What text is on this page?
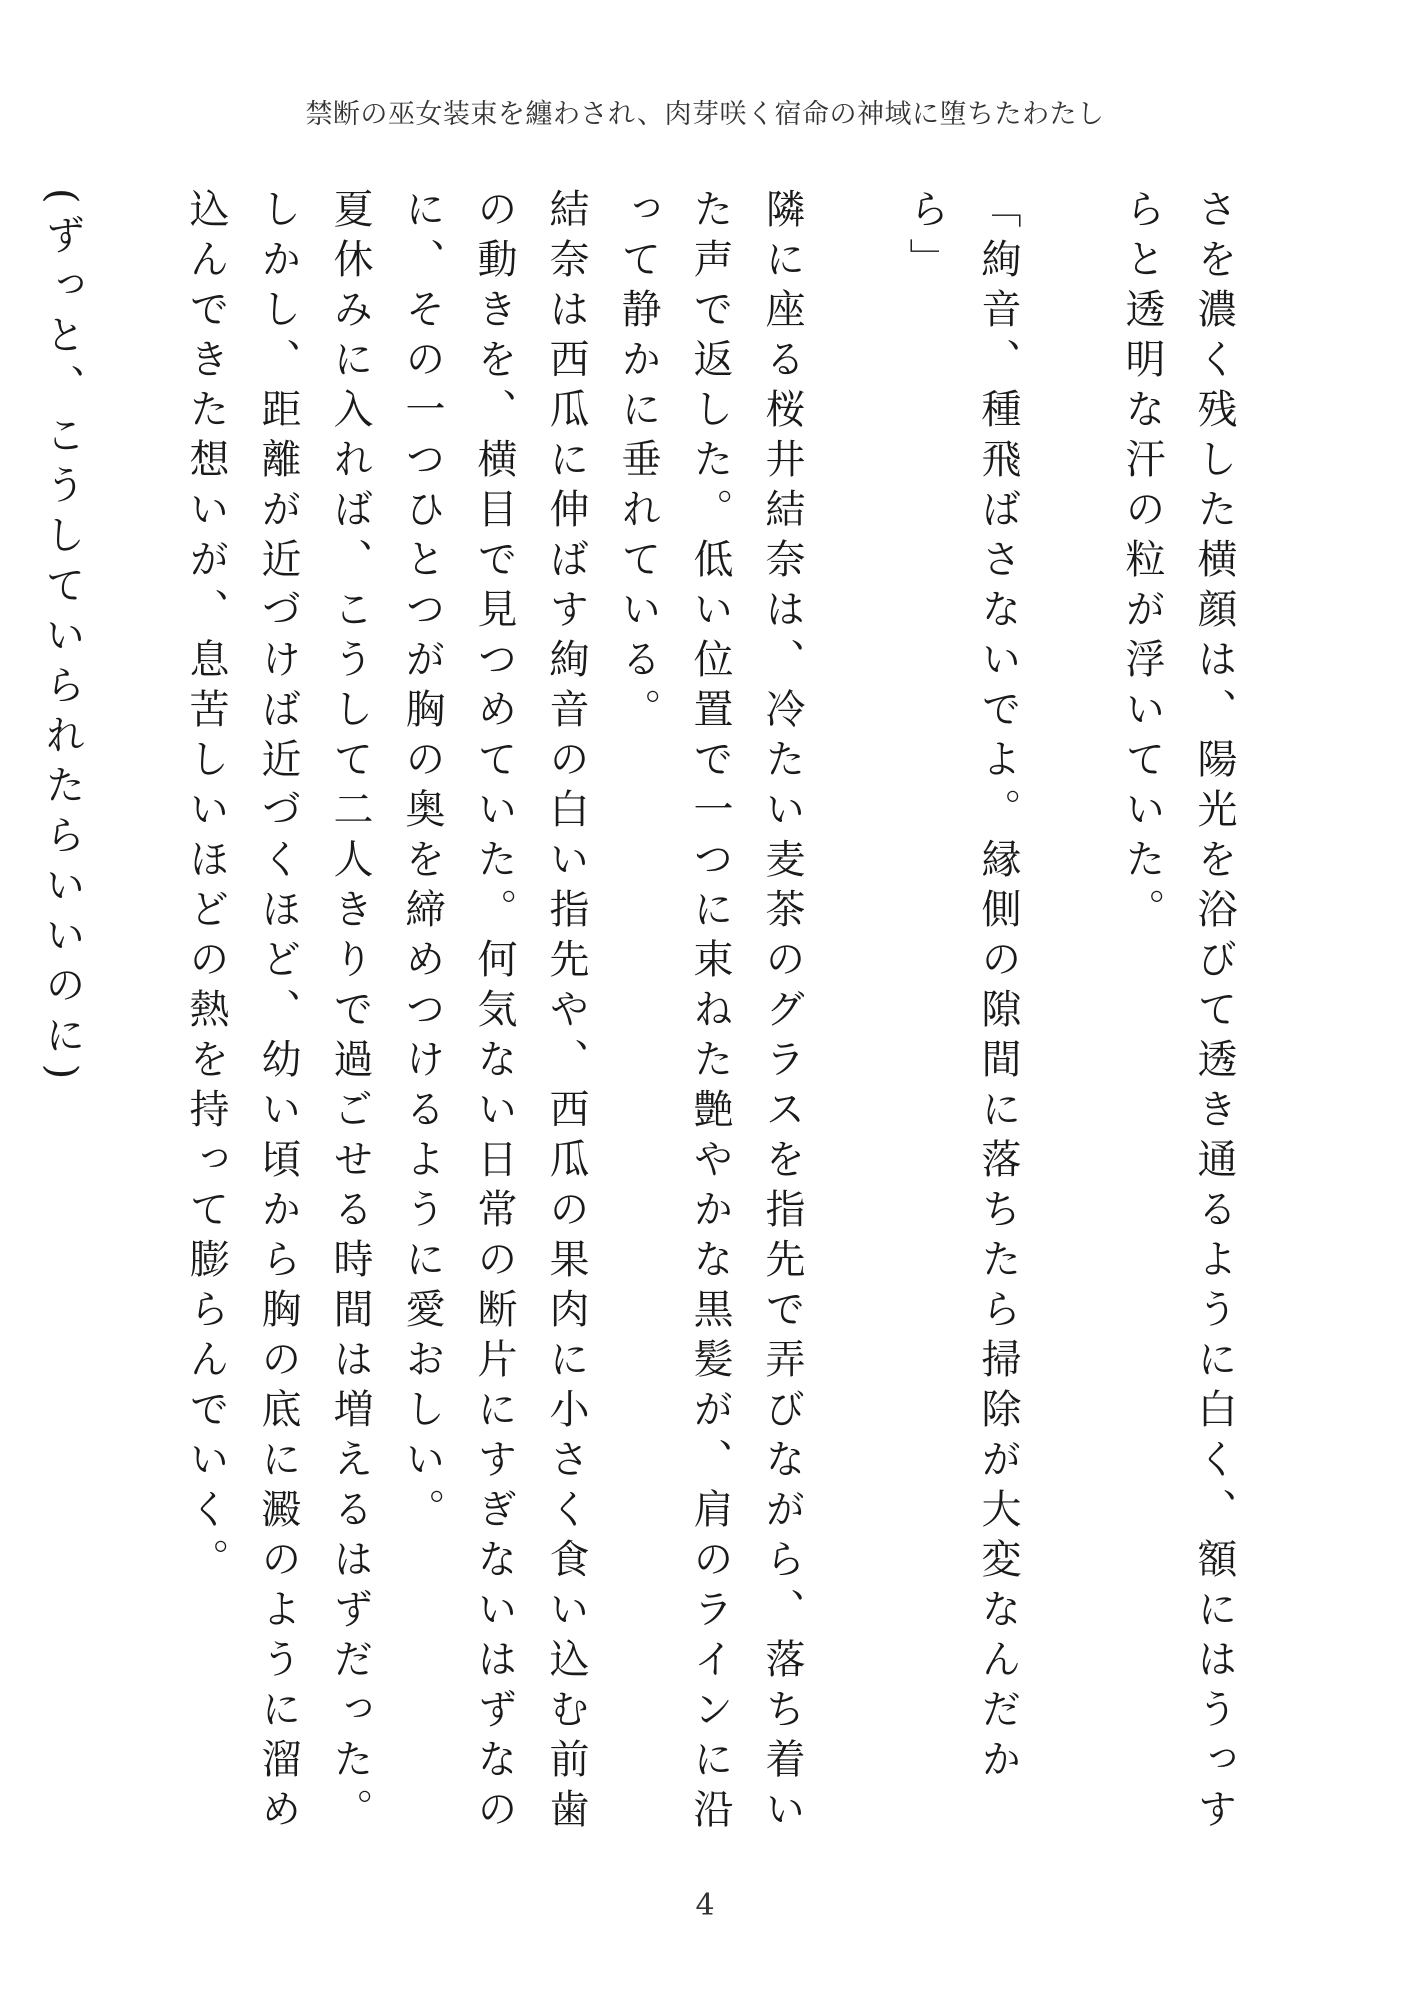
禁断の巫女装束を纏わされ、肉芽咲く宿命の神域に堕ちたわたし

さを濃く残した横顔は、陽光を浴びて透き通るように白く、額にはうっすらと透明な汗の粒が浮いていた。

「絢音、種飛ばさないでよ。縁側の隙間に落ちたら掃除が大変なんだから」

隣に座る桜井結奈は、冷たい麦茶のグラスを指先で弄びながら、落ち着いた声で返した。低い位置で一つに束ねた艶やかな黒髪が、肩のラインに沿って静かに垂れている。

結奈は西瓜に伸ばす絢音の白い指先や、西瓜の果肉に小さく食い込む前歯の動きを、横目で見つめていた。何気ない日常の断片にすぎないはずなのに、その一つひとつが胸の奥を締めつけるように愛おしい。

夏休みに入れば、こうして二人きりで過ごせる時間は増えるはずだった。しかし、距離が近づけば近づくほど、幼い頃から胸の底に澱のように溜め込んできた想いが、息苦しいほどの熱を持って膨らんでいく。

(ずっと、こうしていられたらいいのに)

4
